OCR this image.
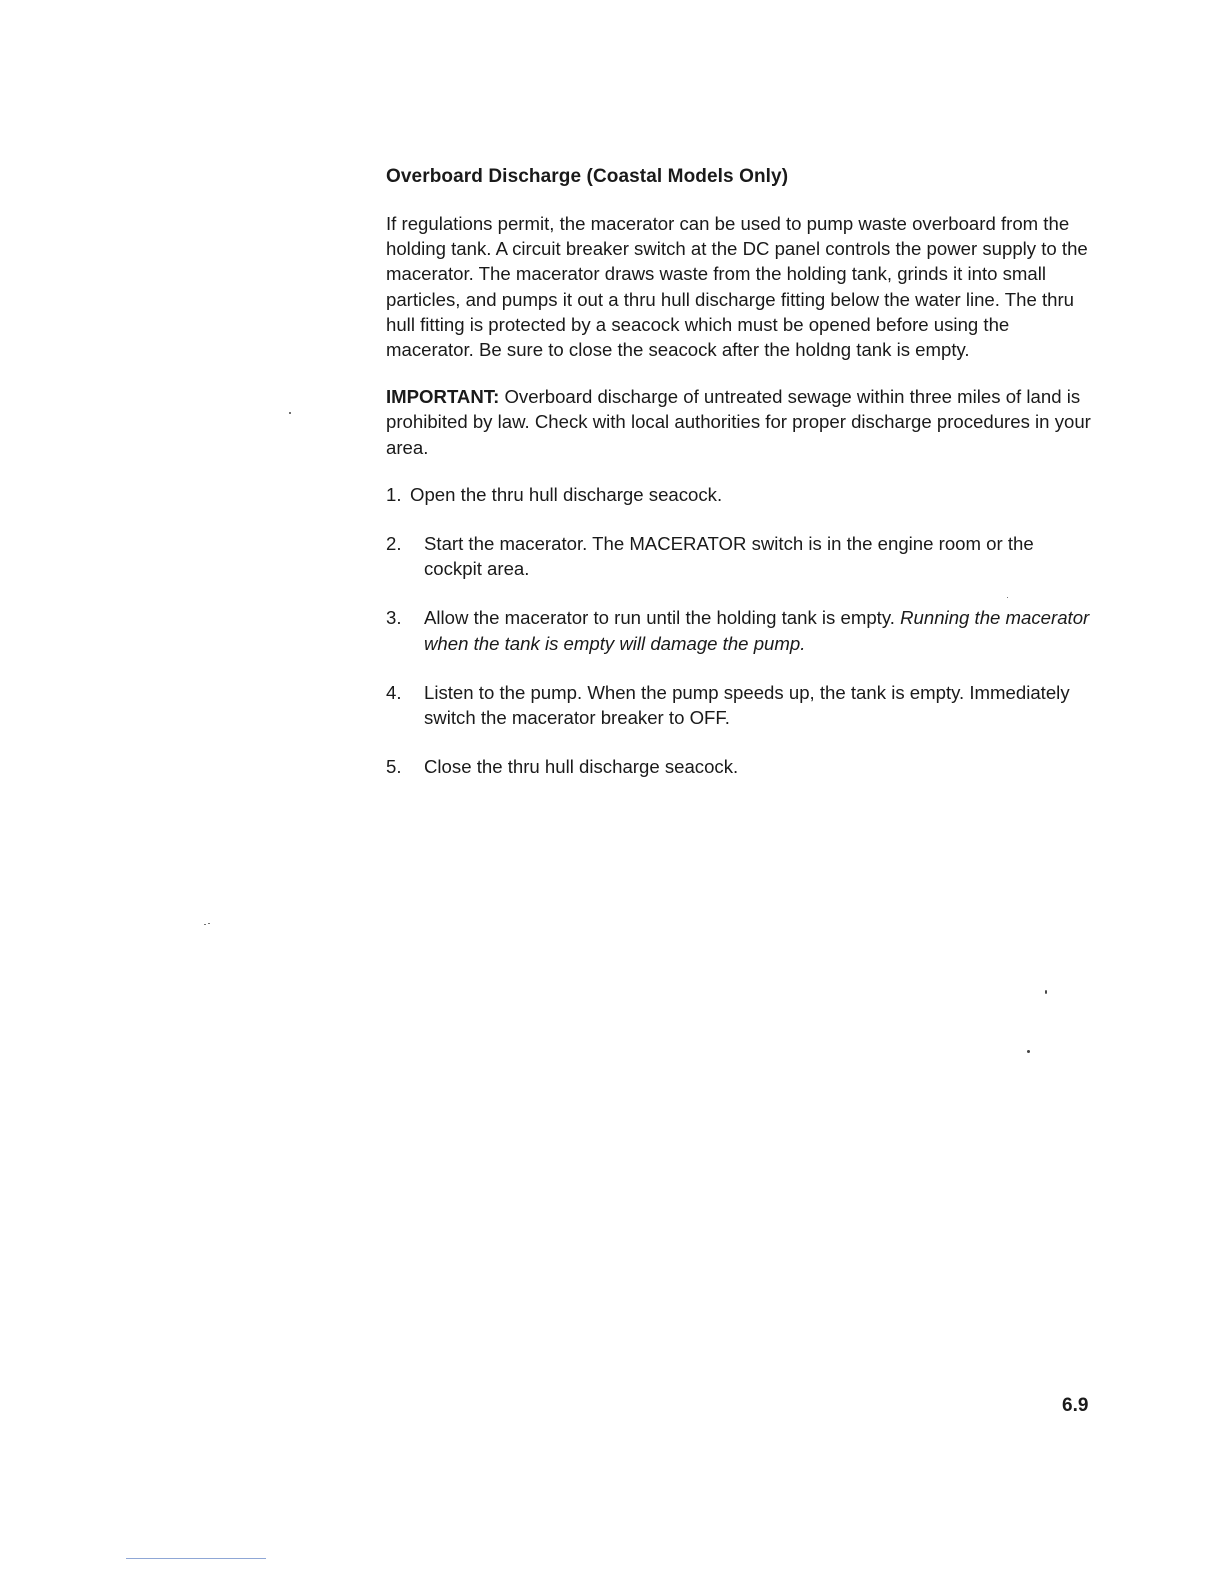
Overboard Discharge (Coastal Models Only)

If regulations permit, the macerator can be used to pump waste overboard from the holding tank. A circuit breaker switch at the DC panel controls the power supply to the macerator. The macerator draws waste from the holding tank, grinds it into small particles, and pumps it out a thru hull discharge fitting below the water line. The thru hull fitting is protected by a seacock which must be opened before using the macerator. Be sure to close the seacock after the holdng tank is empty.

IMPORTANT: Overboard discharge of untreated sewage within three miles of land is prohibited by law. Check with local authorities for proper discharge procedures in your area.

1. Open the thru hull discharge seacock.
2.	Start the macerator. The MACERATOR switch is in the engine room or the cockpit area.
3.	Allow the macerator to run until the holding tank is empty. Running the macerator when the tank is empty will damage the pump.
4.	Listen to the pump. When the pump speeds up, the tank is empty. Immediately switch the macerator breaker to OFF.
5.	Close the thru hull discharge seacock.
6.9
